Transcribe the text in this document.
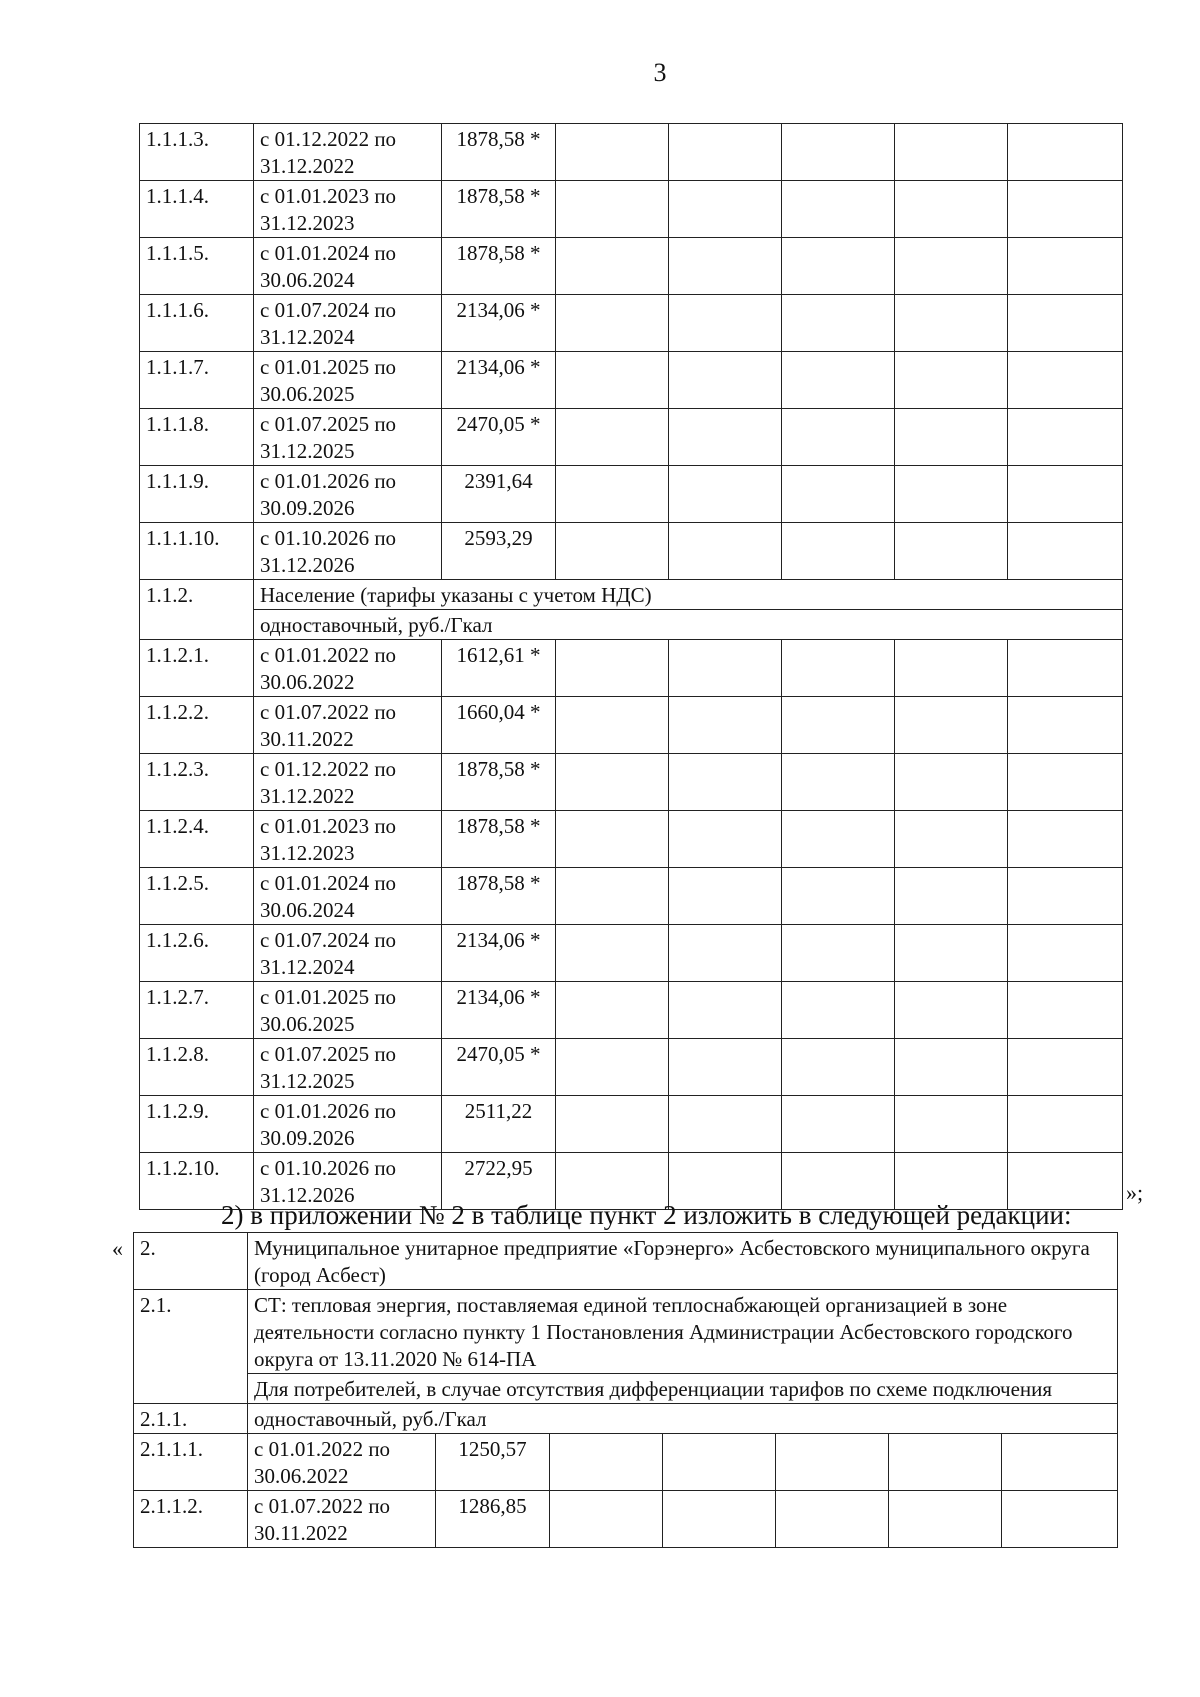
3
1.1.1.3.	с 01.12.2022 по 31.12.2022	1878,58 *					
1.1.1.4.	с 01.01.2023 по 31.12.2023	1878,58 *					
1.1.1.5.	с 01.01.2024 по 30.06.2024	1878,58 *					
1.1.1.6.	с 01.07.2024 по 31.12.2024	2134,06 *					
1.1.1.7.	с 01.01.2025 по 30.06.2025	2134,06 *					
1.1.1.8.	с 01.07.2025 по 31.12.2025	2470,05 *					
1.1.1.9.	с 01.01.2026 по 30.09.2026	2391,64					
1.1.1.10.	с 01.10.2026 по 31.12.2026	2593,29					
1.1.2.	Население (тарифы указаны с учетом НДС)						
	одноставочный, руб./Гкал						
1.1.2.1.	с 01.01.2022 по 30.06.2022	1612,61 *					
1.1.2.2.	с 01.07.2022 по 30.11.2022	1660,04 *					
1.1.2.3.	с 01.12.2022 по 31.12.2022	1878,58 *					
1.1.2.4.	с 01.01.2023 по 31.12.2023	1878,58 *					
1.1.2.5.	с 01.01.2024 по 30.06.2024	1878,58 *					
1.1.2.6.	с 01.07.2024 по 31.12.2024	2134,06 *					
1.1.2.7.	с 01.01.2025 по 30.06.2025	2134,06 *					
1.1.2.8.	с 01.07.2025 по 31.12.2025	2470,05 *					
1.1.2.9.	с 01.01.2026 по 30.09.2026	2511,22					
1.1.2.10.	с 01.10.2026 по 31.12.2026	2722,95					
»;
2) в приложении № 2 в таблице пункт 2 изложить в следующей редакции:
« 2.	Муниципальное унитарное предприятие «Горэнерго» Асбестовского муниципального округа (город Асбест)						
2.1.	СТ: тепловая энергия, поставляемая единой теплоснабжающей организацией в зоне деятельности согласно пункту 1 Постановления Администрации Асбестовского городского округа от 13.11.2020 № 614-ПА						
	Для потребителей, в случае отсутствия дифференциации тарифов по схеме подключения						
2.1.1.	одноставочный, руб./Гкал						
2.1.1.1.	с 01.01.2022 по 30.06.2022	1250,57					
2.1.1.2.	с 01.07.2022 по 30.11.2022	1286,85					
